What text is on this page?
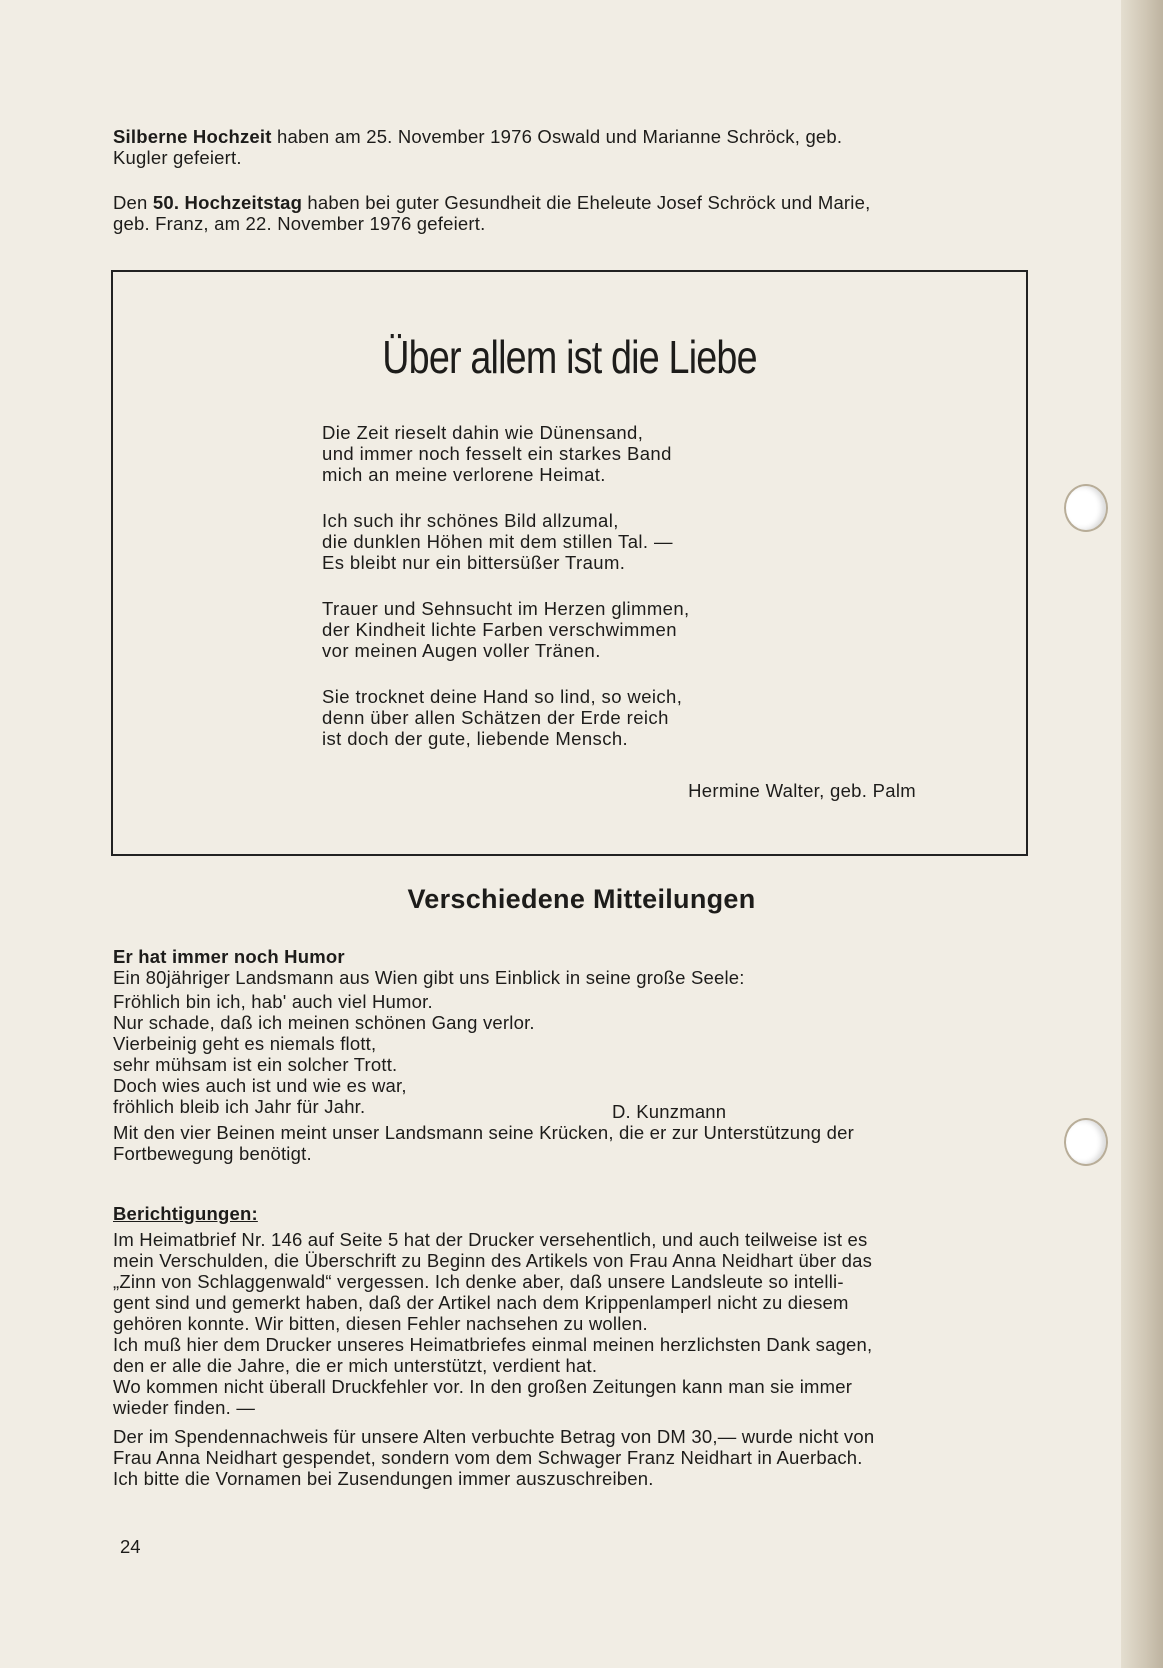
Silberne Hochzeit haben am 25. November 1976 Oswald und Marianne Schröck, geb.
Kugler gefeiert.
Den 50. Hochzeitstag haben bei guter Gesundheit die Eheleute Josef Schröck und Marie,
geb. Franz, am 22. November 1976 gefeiert.
Über allem ist die Liebe
Die Zeit rieselt dahin wie Dünensand,
und immer noch fesselt ein starkes Band
mich an meine verlorene Heimat.
Ich such ihr schönes Bild allzumal,
die dunklen Höhen mit dem stillen Tal. —
Es bleibt nur ein bittersüßer Traum.
Trauer und Sehnsucht im Herzen glimmen,
der Kindheit lichte Farben verschwimmen
vor meinen Augen voller Tränen.
Sie trocknet deine Hand so lind, so weich,
denn über allen Schätzen der Erde reich
ist doch der gute, liebende Mensch.
Hermine Walter, geb. Palm
Verschiedene Mitteilungen
Er hat immer noch Humor
Ein 80jähriger Landsmann aus Wien gibt uns Einblick in seine große Seele:
Fröhlich bin ich, hab' auch viel Humor.
Nur schade, daß ich meinen schönen Gang verlor.
Vierbeinig geht es niemals flott,
sehr mühsam ist ein solcher Trott.
Doch wies auch ist und wie es war,
fröhlich bleib ich Jahr für Jahr.
Mit den vier Beinen meint unser Landsmann seine Krücken, die er zur Unterstützung der
Fortbewegung benötigt.
D. Kunzmann
Berichtigungen:
Im Heimatbrief Nr. 146 auf Seite 5 hat der Drucker versehentlich, und auch teilweise ist es
mein Verschulden, die Überschrift zu Beginn des Artikels von Frau Anna Neidhart über das
„Zinn von Schlaggenwald“ vergessen. Ich denke aber, daß unsere Landsleute so intelli-
gent sind und gemerkt haben, daß der Artikel nach dem Krippenlamperl nicht zu diesem
gehören konnte. Wir bitten, diesen Fehler nachsehen zu wollen.
Ich muß hier dem Drucker unseres Heimatbriefes einmal meinen herzlichsten Dank sagen,
den er alle die Jahre, die er mich unterstützt, verdient hat.
Wo kommen nicht überall Druckfehler vor. In den großen Zeitungen kann man sie immer
wieder finden. —
Der im Spendennachweis für unsere Alten verbuchte Betrag von DM 30,— wurde nicht von
Frau Anna Neidhart gespendet, sondern vom dem Schwager Franz Neidhart in Auerbach.
Ich bitte die Vornamen bei Zusendungen immer auszuschreiben.
24
